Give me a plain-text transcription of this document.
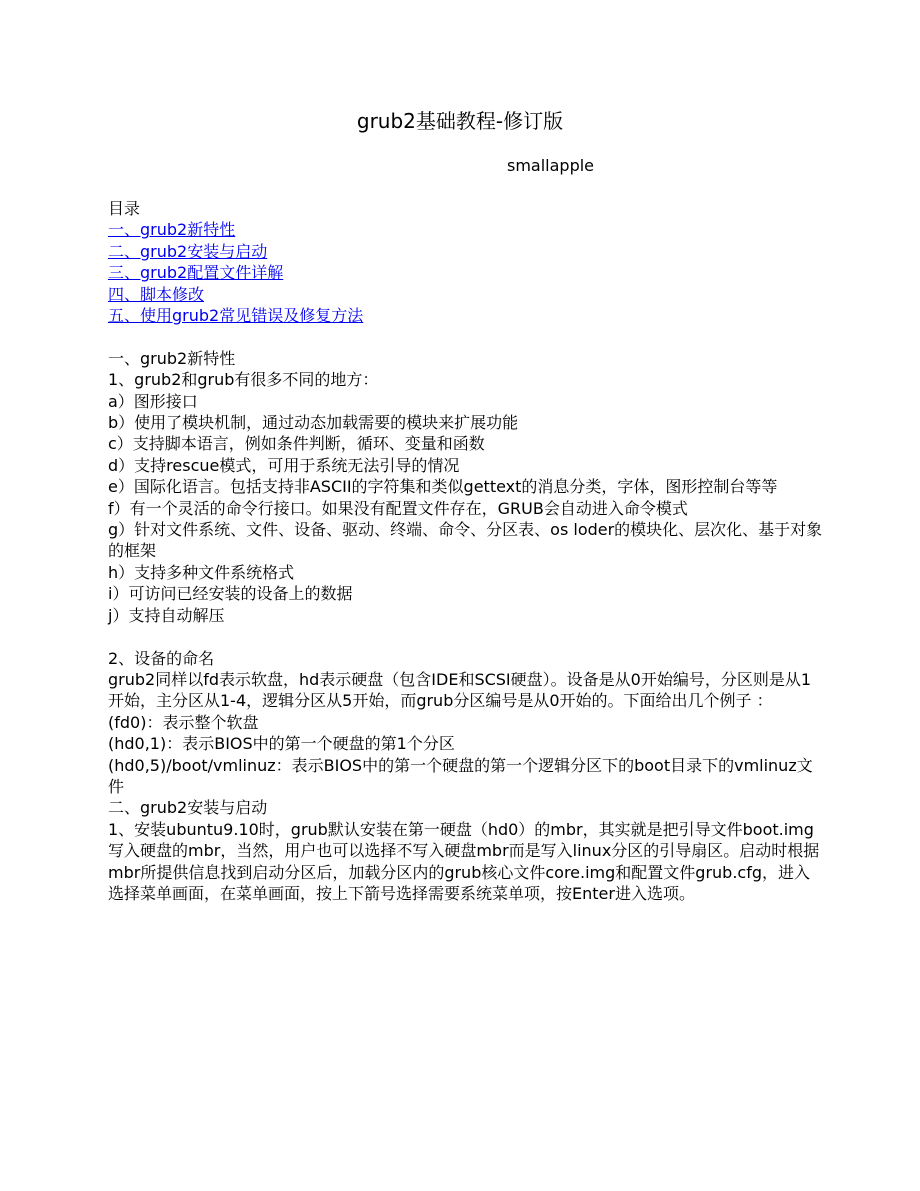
grub2基础教程-修订版
smallapple
目录
一、grub2新特性
二、grub2安装与启动
三、grub2配置文件详解
四、脚本修改
五、使用grub2常见错误及修复方法
一、grub2新特性
1、grub2和grub有很多不同的地方：
a）图形接口
b）使用了模块机制，通过动态加载需要的模块来扩展功能
c）支持脚本语言，例如条件判断，循环、变量和函数
d）支持rescue模式，可用于系统无法引导的情况
e）国际化语言。包括支持非ASCII的字符集和类似gettext的消息分类，字体，图形控制台等等
f）有一个灵活的命令行接口。如果没有配置文件存在，GRUB会自动进入命令模式
g）针对文件系统、文件、设备、驱动、终端、命令、分区表、os loder的模块化、层次化、基于对象的框架
h）支持多种文件系统格式
i）可访问已经安装的设备上的数据
j）支持自动解压
2、设备的命名
grub2同样以fd表示软盘，hd表示硬盘（包含IDE和SCSI硬盘）。设备是从0开始编号，分区则是从1开始，主分区从1-4，逻辑分区从5开始，而grub分区编号是从0开始的。下面给出几个例子 ：
(fd0)：表示整个软盘
(hd0,1)：表示BIOS中的第一个硬盘的第1个分区
(hd0,5)/boot/vmlinuz：表示BIOS中的第一个硬盘的第一个逻辑分区下的boot目录下的vmlinuz文件
二、grub2安装与启动
1、安装ubuntu9.10时，grub默认安装在第一硬盘（hd0）的mbr，其实就是把引导文件boot.img写入硬盘的mbr，当然，用户也可以选择不写入硬盘mbr而是写入linux分区的引导扇区。启动时根据mbr所提供信息找到启动分区后，加载分区内的grub核心文件core.img和配置文件grub.cfg，进入选择菜单画面，在菜单画面，按上下箭号选择需要系统菜单项，按Enter进入选项。
